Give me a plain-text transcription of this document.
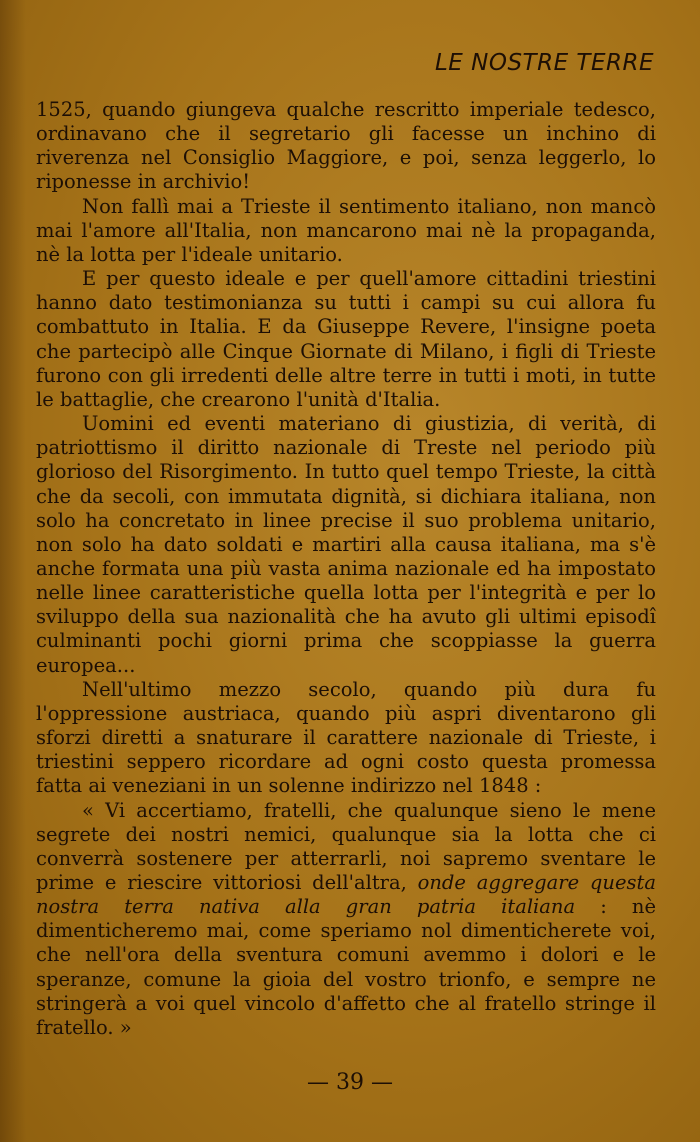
LE NOSTRE TERRE

1525, quando giungeva qualche rescritto imperiale tedesco, ordinavano che il segretario gli facesse un inchino di riverenza nel Consiglio Maggiore, e poi, senza leggerlo, lo riponesse in archivio!

Non fallì mai a Trieste il sentimento italiano, non mancò mai l'amore all'Italia, non mancarono mai nè la propaganda, nè la lotta per l'ideale unitario.

E per questo ideale e per quell'amore cittadini triestini hanno dato testimonianza su tutti i campi su cui allora fu combattuto in Italia. E da Giuseppe Revere, l'insigne poeta che partecipò alle Cinque Giornate di Milano, i figli di Trieste furono con gli irredenti delle altre terre in tutti i moti, in tutte le battaglie, che crearono l'unità d'Italia.

Uomini ed eventi materiano di giustizia, di verità, di patriottismo il diritto nazionale di Treste nel periodo più glorioso del Risorgimento. In tutto quel tempo Trieste, la città che da secoli, con immutata dignità, si dichiara italiana, non solo ha concretato in linee precise il suo problema unitario, non solo ha dato soldati e martiri alla causa italiana, ma s'è anche formata una più vasta anima nazionale ed ha impostato nelle linee caratteristiche quella lotta per l'integrità e per lo sviluppo della sua nazionalità che ha avuto gli ultimi episodî culminanti pochi giorni prima che scoppiasse la guerra europea...

Nell'ultimo mezzo secolo, quando più dura fu l'oppressione austriaca, quando più aspri diventarono gli sforzi diretti a snaturare il carattere nazionale di Trieste, i triestini seppero ricordare ad ogni costo questa promessa fatta ai veneziani in un solenne indirizzo nel 1848 :

« Vi accertiamo, fratelli, che qualunque sieno le mene segrete dei nostri nemici, qualunque sia la lotta che ci converrà sostenere per atterrarli, noi sapremo sventare le prime e riescire vittoriosi dell'altra, onde aggregare questa nostra terra nativa alla gran patria italiana : nè dimenticheremo mai, come speriamo nol dimenticherete voi, che nell'ora della sventura comuni avemmo i dolori e le speranze, comune la gioia del vostro trionfo, e sempre ne stringerà a voi quel vincolo d'affetto che al fratello stringe il fratello. »

— 39 —
